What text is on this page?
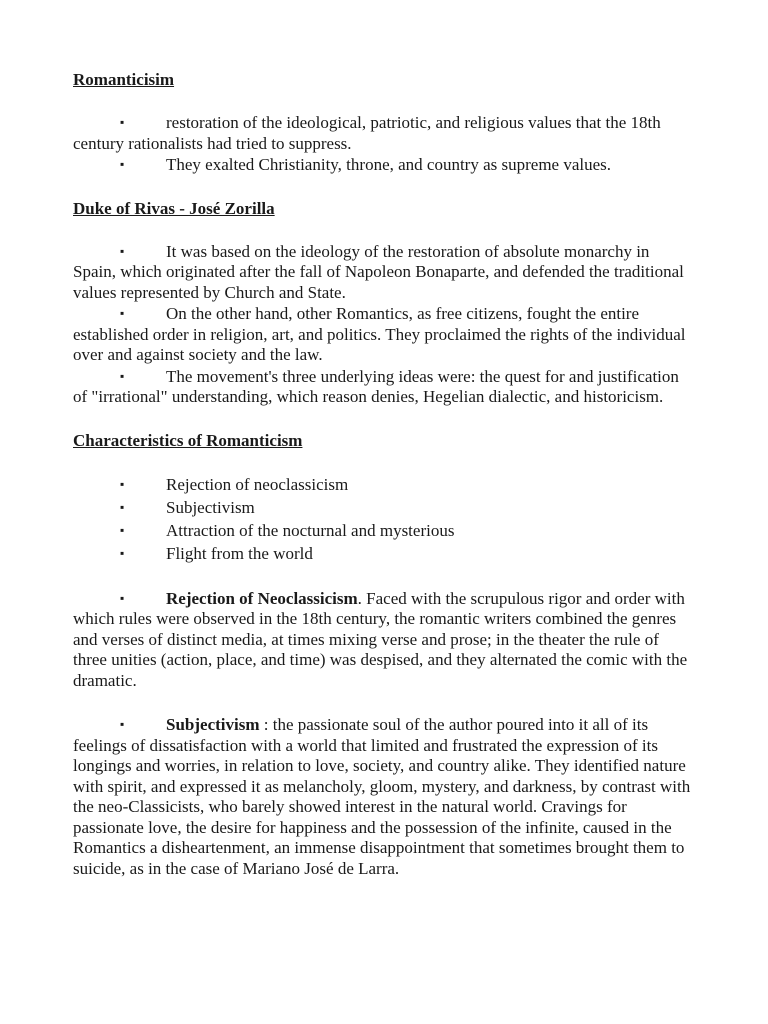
Romanticisim

▪ restoration of the ideological, patriotic, and religious values that the 18th century rationalists had tried to suppress.

▪ They exalted Christianity, throne, and country as supreme values.

Duke of Rivas - José Zorilla

▪ It was based on the ideology of the restoration of absolute monarchy in Spain, which originated after the fall of Napoleon Bonaparte, and defended the traditional values represented by Church and State.

▪ On the other hand, other Romantics, as free citizens, fought the entire established order in religion, art, and politics. They proclaimed the rights of the individual over and against society and the law.

▪ The movement's three underlying ideas were: the quest for and justification of "irrational" understanding, which reason denies, Hegelian dialectic, and historicism.

Characteristics of Romanticism

▪ Rejection of neoclassicism

▪ Subjectivism

▪ Attraction of the nocturnal and mysterious

▪ Flight from the world

▪ Rejection of Neoclassicism. Faced with the scrupulous rigor and order with which rules were observed in the 18th century, the romantic writers combined the genres and verses of distinct media, at times mixing verse and prose; in the theater the rule of three unities (action, place, and time) was despised, and they alternated the comic with the dramatic.

▪ Subjectivism : the passionate soul of the author poured into it all of its feelings of dissatisfaction with a world that limited and frustrated the expression of its longings and worries, in relation to love, society, and country alike. They identified nature with spirit, and expressed it as melancholy, gloom, mystery, and darkness, by contrast with the neo-Classicists, who barely showed interest in the natural world. Cravings for passionate love, the desire for happiness and the possession of the infinite, caused in the Romantics a disheartenment, an immense disappointment that sometimes brought them to suicide, as in the case of Mariano José de Larra.
